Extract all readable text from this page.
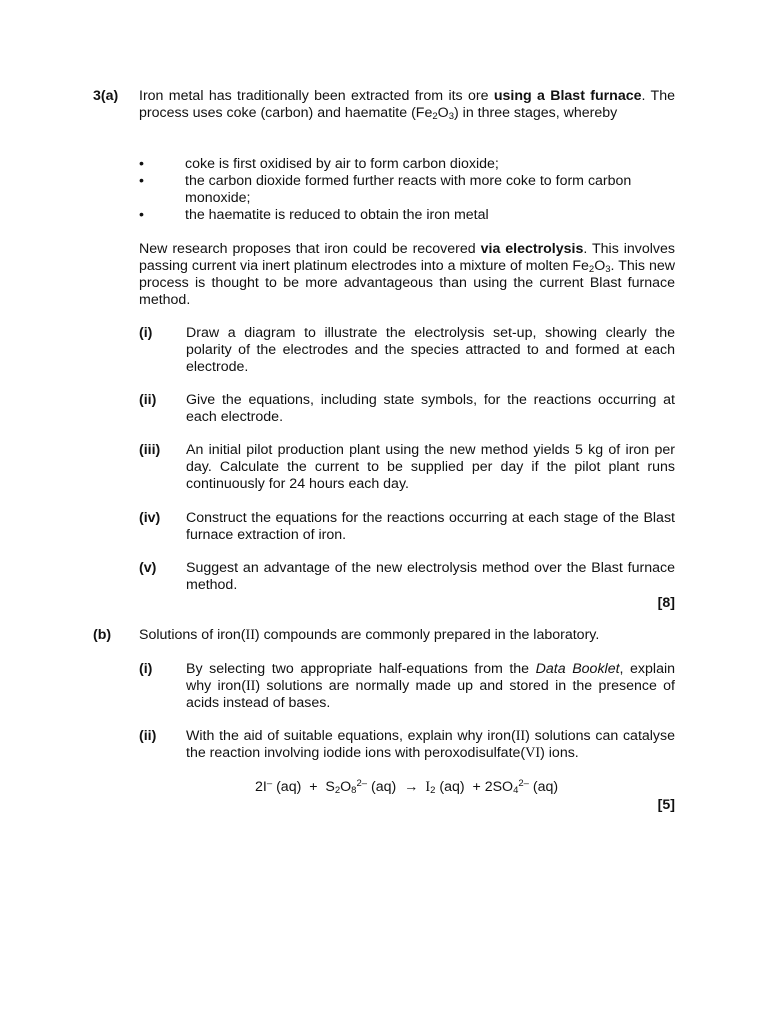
3(a) Iron metal has traditionally been extracted from its ore using a Blast furnace. The process uses coke (carbon) and haematite $(Fe_2O_3)$ in three stages, whereby
•	coke is first oxidised by air to form carbon dioxide;
•	the carbon dioxide formed further reacts with more coke to form carbon monoxide;
•	the haematite is reduced to obtain the iron metal
New research proposes that iron could be recovered via electrolysis. This involves passing current via inert platinum electrodes into a mixture of molten $Fe_2O_3$. This new process is thought to be more advantageous than using the current Blast furnace method.
(i) Draw a diagram to illustrate the electrolysis set-up, showing clearly the polarity of the electrodes and the species attracted to and formed at each electrode.
(ii) Give the equations, including state symbols, for the reactions occurring at each electrode.
(iii) An initial pilot production plant using the new method yields 5 kg of iron per day. Calculate the current to be supplied per day if the pilot plant runs continuously for 24 hours each day.
(iv) Construct the equations for the reactions occurring at each stage of the Blast furnace extraction of iron.
(v) Suggest an advantage of the new electrolysis method over the Blast furnace method.
[8]
(b) Solutions of iron(II) compounds are commonly prepared in the laboratory.
(i) By selecting two appropriate half-equations from the Data Booklet, explain why iron(II) solutions are normally made up and stored in the presence of acids instead of bases.
(ii) With the aid of suitable equations, explain why iron(II) solutions can catalyse the reaction involving iodide ions with peroxodisulfate(VI) ions.
2I– $(aq) + S_2O_8^{2-}$ $(aq) \to I_2$ $(aq) + 2SO_4^{2-}$ (aq)
[5]
